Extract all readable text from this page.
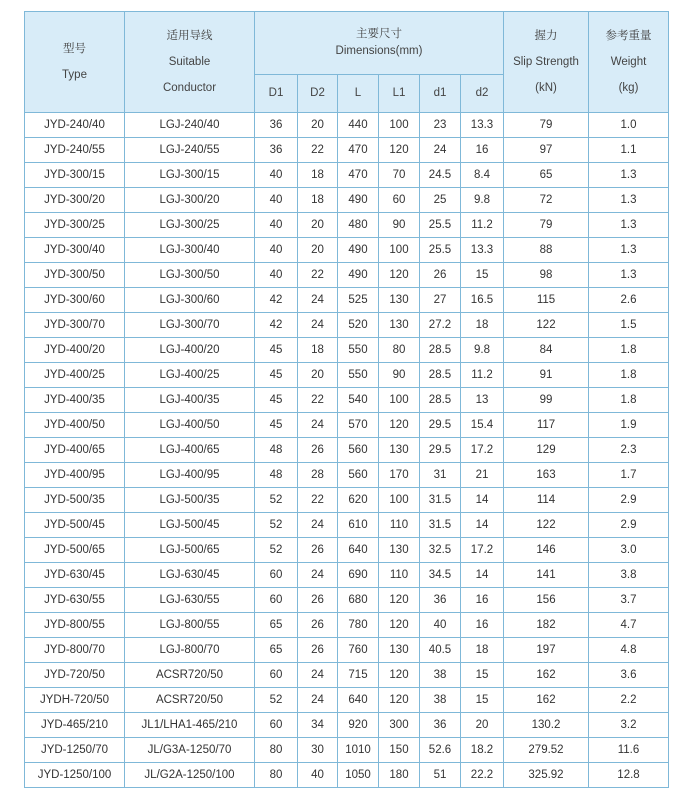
型号
Type	适用导线
Suitable
Conductor	主要尺寸
Dimensions(mm)						握力
Slip Strength
(kN)	参考重量
Weight
(kg)

		D1	D2	L	L1	d1	d2		
JYD-240/40	LGJ-240/40	36	20	440	100	23	13.3	79	1.0
JYD-240/55	LGJ-240/55	36	22	470	120	24	16	97	1.1
JYD-300/15	LGJ-300/15	40	18	470	70	24.5	8.4	65	1.3
JYD-300/20	LGJ-300/20	40	18	490	60	25	9.8	72	1.3
JYD-300/25	LGJ-300/25	40	20	480	90	25.5	11.2	79	1.3
JYD-300/40	LGJ-300/40	40	20	490	100	25.5	13.3	88	1.3
JYD-300/50	LGJ-300/50	40	22	490	120	26	15	98	1.3
JYD-300/60	LGJ-300/60	42	24	525	130	27	16.5	115	2.6
JYD-300/70	LGJ-300/70	42	24	520	130	27.2	18	122	1.5
JYD-400/20	LGJ-400/20	45	18	550	80	28.5	9.8	84	1.8
JYD-400/25	LGJ-400/25	45	20	550	90	28.5	11.2	91	1.8
JYD-400/35	LGJ-400/35	45	22	540	100	28.5	13	99	1.8
JYD-400/50	LGJ-400/50	45	24	570	120	29.5	15.4	117	1.9
JYD-400/65	LGJ-400/65	48	26	560	130	29.5	17.2	129	2.3
JYD-400/95	LGJ-400/95	48	28	560	170	31	21	163	1.7
JYD-500/35	LGJ-500/35	52	22	620	100	31.5	14	114	2.9
JYD-500/45	LGJ-500/45	52	24	610	110	31.5	14	122	2.9
JYD-500/65	LGJ-500/65	52	26	640	130	32.5	17.2	146	3.0
JYD-630/45	LGJ-630/45	60	24	690	110	34.5	14	141	3.8
JYD-630/55	LGJ-630/55	60	26	680	120	36	16	156	3.7
JYD-800/55	LGJ-800/55	65	26	780	120	40	16	182	4.7
JYD-800/70	LGJ-800/70	65	26	760	130	40.5	18	197	4.8
JYD-720/50	ACSR720/50	60	24	715	120	38	15	162	3.6
JYDH-720/50	ACSR720/50	52	24	640	120	38	15	162	2.2
JYD-465/210	JL1/LHA1-465/210	60	34	920	300	36	20	130.2	3.2
JYD-1250/70	JL/G3A-1250/70	80	30	1010	150	52.6	18.2	279.52	11.6
JYD-1250/100	JL/G2A-1250/100	80	40	1050	180	51	22.2	325.92	12.8
